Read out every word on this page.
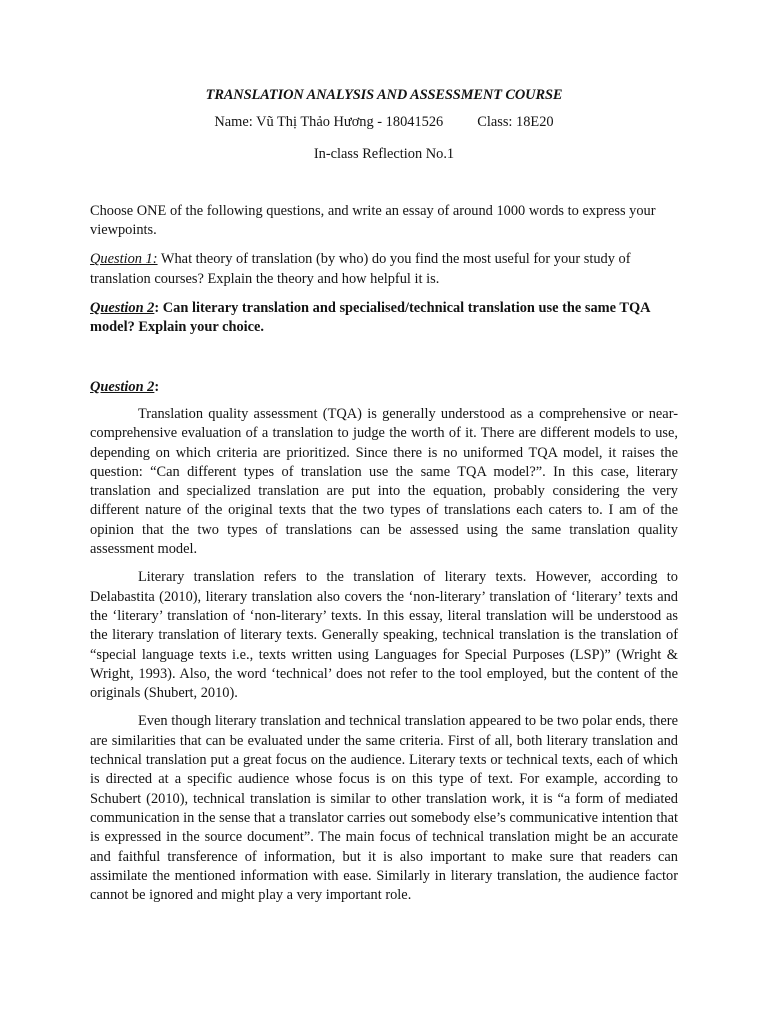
TRANSLATION ANALYSIS AND ASSESSMENT COURSE

Name: Vũ Thị Thảo Hương - 18041526 Class: 18E20

In-class Reflection No.1

Choose ONE of the following questions, and write an essay of around 1000 words to express your viewpoints.

Question 1: What theory of translation (by who) do you find the most useful for your study of translation courses? Explain the theory and how helpful it is.

Question 2: Can literary translation and specialised/technical translation use the same TQA model? Explain your choice.

Question 2:

Translation quality assessment (TQA) is generally understood as a comprehensive or near-comprehensive evaluation of a translation to judge the worth of it. There are different models to use, depending on which criteria are prioritized. Since there is no uniformed TQA model, it raises the question: “Can different types of translation use the same TQA model?”. In this case, literary translation and specialized translation are put into the equation, probably considering the very different nature of the original texts that the two types of translations each caters to. I am of the opinion that the two types of translations can be assessed using the same translation quality assessment model.

Literary translation refers to the translation of literary texts. However, according to Delabastita (2010), literary translation also covers the ‘non-literary’ translation of ‘literary’ texts and the ‘literary’ translation of ‘non-literary’ texts. In this essay, literal translation will be understood as the literary translation of literary texts. Generally speaking, technical translation is the translation of “special language texts i.e., texts written using Languages for Special Purposes (LSP)” (Wright & Wright, 1993). Also, the word ‘technical’ does not refer to the tool employed, but the content of the originals (Shubert, 2010).

Even though literary translation and technical translation appeared to be two polar ends, there are similarities that can be evaluated under the same criteria. First of all, both literary translation and technical translation put a great focus on the audience. Literary texts or technical texts, each of which is directed at a specific audience whose focus is on this type of text. For example, according to Schubert (2010), technical translation is similar to other translation work, it is “a form of mediated communication in the sense that a translator carries out somebody else’s communicative intention that is expressed in the source document”. The main focus of technical translation might be an accurate and faithful transference of information, but it is also important to make sure that readers can assimilate the mentioned information with ease. Similarly in literary translation, the audience factor cannot be ignored and might play a very important role.
